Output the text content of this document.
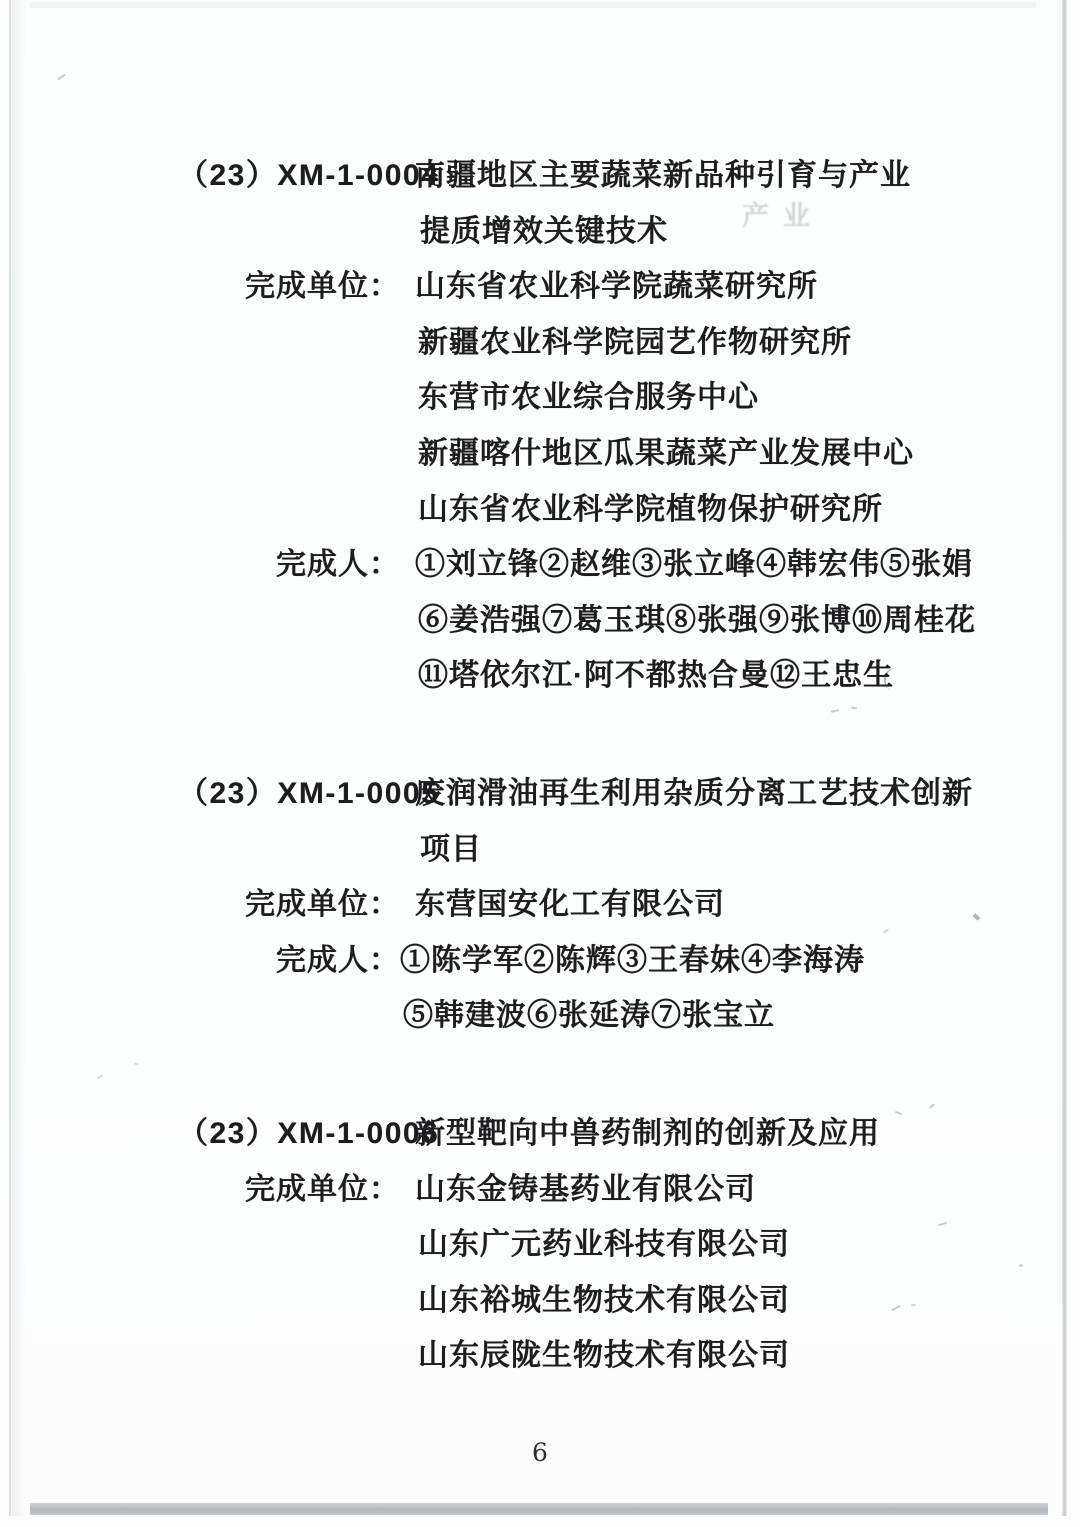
产业
（23）XM-1-0004
南疆地区主要蔬菜新品种引育与产业
提质增效关键技术
完成单位： 山东省农业科学院蔬菜研究所
新疆农业科学院园艺作物研究所
东营市农业综合服务中心
新疆喀什地区瓜果蔬菜产业发展中心
山东省农业科学院植物保护研究所
完成人： ①刘立锋②赵维③张立峰④韩宏伟⑤张娟
⑥姜浩强⑦葛玉琪⑧张强⑨张博⑩周桂花
⑪塔依尔江·阿不都热合曼⑫王忠生
（23）XM-1-0005
废润滑油再生利用杂质分离工艺技术创新
项目
完成单位： 东营国安化工有限公司
完成人： ①陈学军②陈辉③王春妹④李海涛
⑤韩建波⑥张延涛⑦张宝立
（23）XM-1-0006
新型靶向中兽药制剂的创新及应用
完成单位： 山东金铸基药业有限公司
山东广元药业科技有限公司
山东裕城生物技术有限公司
山东辰陇生物技术有限公司
6
